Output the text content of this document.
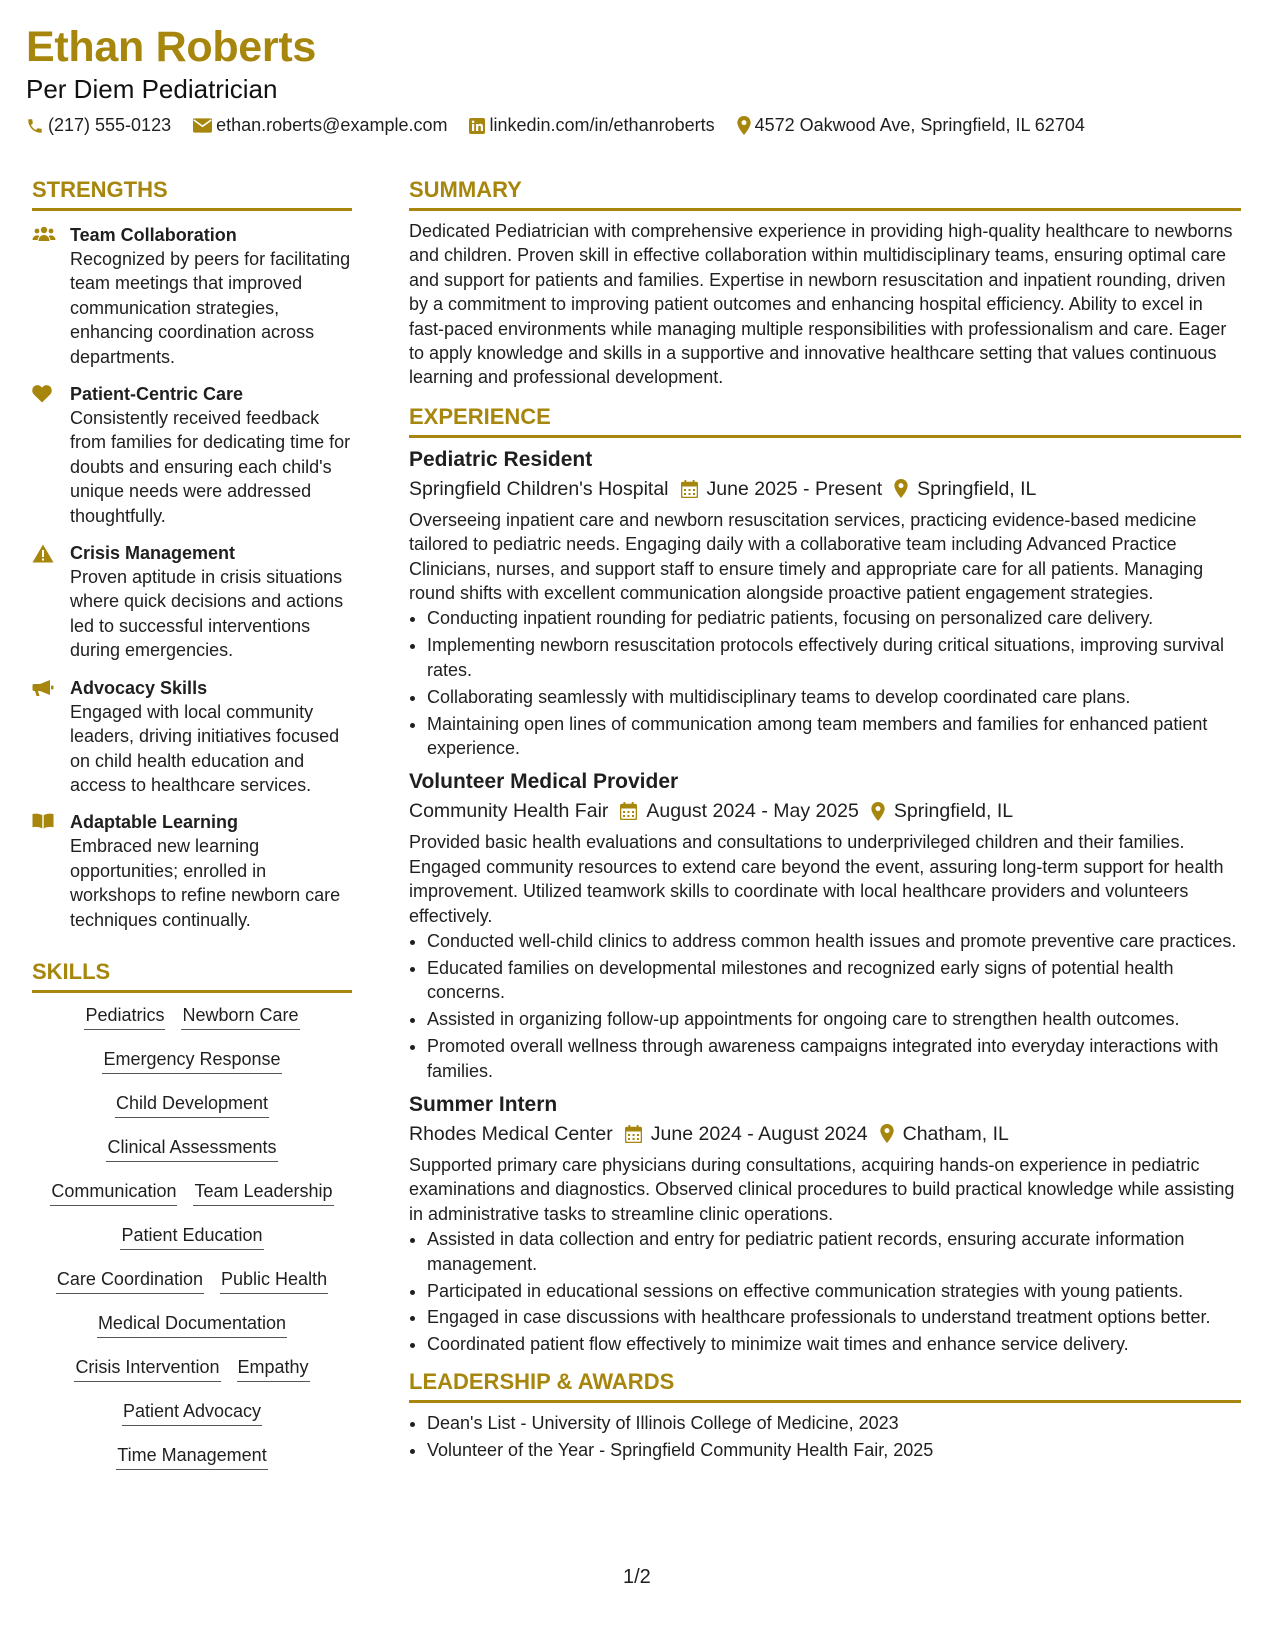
Ethan Roberts
Per Diem Pediatrician
(217) 555-0123	ethan.roberts@example.com linkedin.com/in/ethanroberts 4572 Oakwood Ave, Springfield, IL 62704
STRENGTHS
Team Collaboration
Recognized by peers for facilitating team meetings that improved communication strategies, enhancing coordination across departments.
Patient-Centric Care
Consistently received feedback from families for dedicating time for doubts and ensuring each child's unique needs were addressed thoughtfully.
Crisis Management
Proven aptitude in crisis situations where quick decisions and actions led to successful interventions during emergencies.
Advocacy Skills
Engaged with local community leaders, driving initiatives focused on child health education and access to healthcare services.
Adaptable Learning
Embraced new learning opportunities; enrolled in workshops to refine newborn care techniques continually.
SKILLS
Pediatrics Newborn Care
Emergency Response
Child Development
Clinical Assessments
Communication Team Leadership
Patient Education
Care Coordination Public Health
Medical Documentation
Crisis Intervention Empathy
Patient Advocacy
Time Management
SUMMARY
Dedicated Pediatrician with comprehensive experience in providing high-quality healthcare to newborns and children. Proven skill in effective collaboration within multidisciplinary teams, ensuring optimal care and support for patients and families. Expertise in newborn resuscitation and inpatient rounding, driven by a commitment to improving patient outcomes and enhancing hospital efficiency. Ability to excel in fast-paced environments while managing multiple responsibilities with professionalism and care. Eager to apply knowledge and skills in a supportive and innovative healthcare setting that values continuous learning and professional development.
EXPERIENCE
Pediatric Resident
Springfield Children's Hospital June 2025 - Present Springfield, IL
Overseeing inpatient care and newborn resuscitation services, practicing evidence-based medicine tailored to pediatric needs. Engaging daily with a collaborative team including Advanced Practice Clinicians, nurses, and support staff to ensure timely and appropriate care for all patients. Managing round shifts with excellent communication alongside proactive patient engagement strategies.
• Conducting inpatient rounding for pediatric patients, focusing on personalized care delivery.
• Implementing newborn resuscitation protocols effectively during critical situations, improving survival rates.
• Collaborating seamlessly with multidisciplinary teams to develop coordinated care plans.
• Maintaining open lines of communication among team members and families for enhanced patient experience.
Volunteer Medical Provider
Community Health Fair August 2024 - May 2025 Springfield, IL
Provided basic health evaluations and consultations to underprivileged children and their families. Engaged community resources to extend care beyond the event, assuring long-term support for health improvement. Utilized teamwork skills to coordinate with local healthcare providers and volunteers effectively.
• Conducted well-child clinics to address common health issues and promote preventive care practices.
• Educated families on developmental milestones and recognized early signs of potential health concerns.
• Assisted in organizing follow-up appointments for ongoing care to strengthen health outcomes.
• Promoted overall wellness through awareness campaigns integrated into everyday interactions with families.
Summer Intern
Rhodes Medical Center June 2024 - August 2024 Chatham, IL
Supported primary care physicians during consultations, acquiring hands-on experience in pediatric examinations and diagnostics. Observed clinical procedures to build practical knowledge while assisting in administrative tasks to streamline clinic operations.
• Assisted in data collection and entry for pediatric patient records, ensuring accurate information management.
• Participated in educational sessions on effective communication strategies with young patients.
• Engaged in case discussions with healthcare professionals to understand treatment options better.
• Coordinated patient flow effectively to minimize wait times and enhance service delivery.
LEADERSHIP & AWARDS
• Dean's List - University of Illinois College of Medicine, 2023
• Volunteer of the Year - Springfield Community Health Fair, 2025
1/2
